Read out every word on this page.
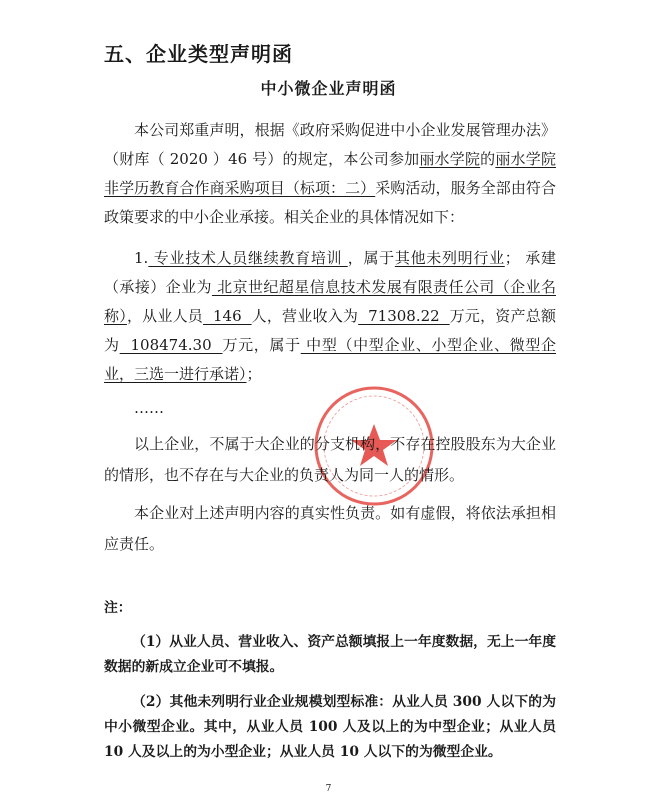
五、企业类型声明函
中小微企业声明函

本公司郑重声明，根据《政府采购促进中小企业发展管理办法》（财库（ 2020 ）46 号）的规定，本公司参加丽水学院的丽水学院非学历教育合作商采购项目（标项：二）采购活动，服务全部由符合政策要求的中小企业承接。相关企业的具体情况如下：

1. 专业技术人员继续教育培训 ，属于其他未列明行业； 承建（承接）企业为 北京世纪超星信息技术发展有限责任公司（企业名称），从业人员  146  人，营业收入为  71308.22  万元，资产总额为  108474.30  万元，属于 中型（中型企业、小型企业、微型企业，三选一进行承诺）；

……

以上企业，不属于大企业的分支机构，不存在控股股东为大企业的情形，也不存在与大企业的负责人为同一人的情形。

本企业对上述声明内容的真实性负责。如有虚假，将依法承担相应责任。

注：

（1）从业人员、营业收入、资产总额填报上一年度数据，无上一年度数据的新成立企业可不填报。

（2）其他未列明行业企业规模划型标准：从业人员 300 人以下的为中小微型企业。其中，从业人员 100 人及以上的为中型企业；从业人员 10 人及以上的为小型企业；从业人员 10 人以下的为微型企业。

7
